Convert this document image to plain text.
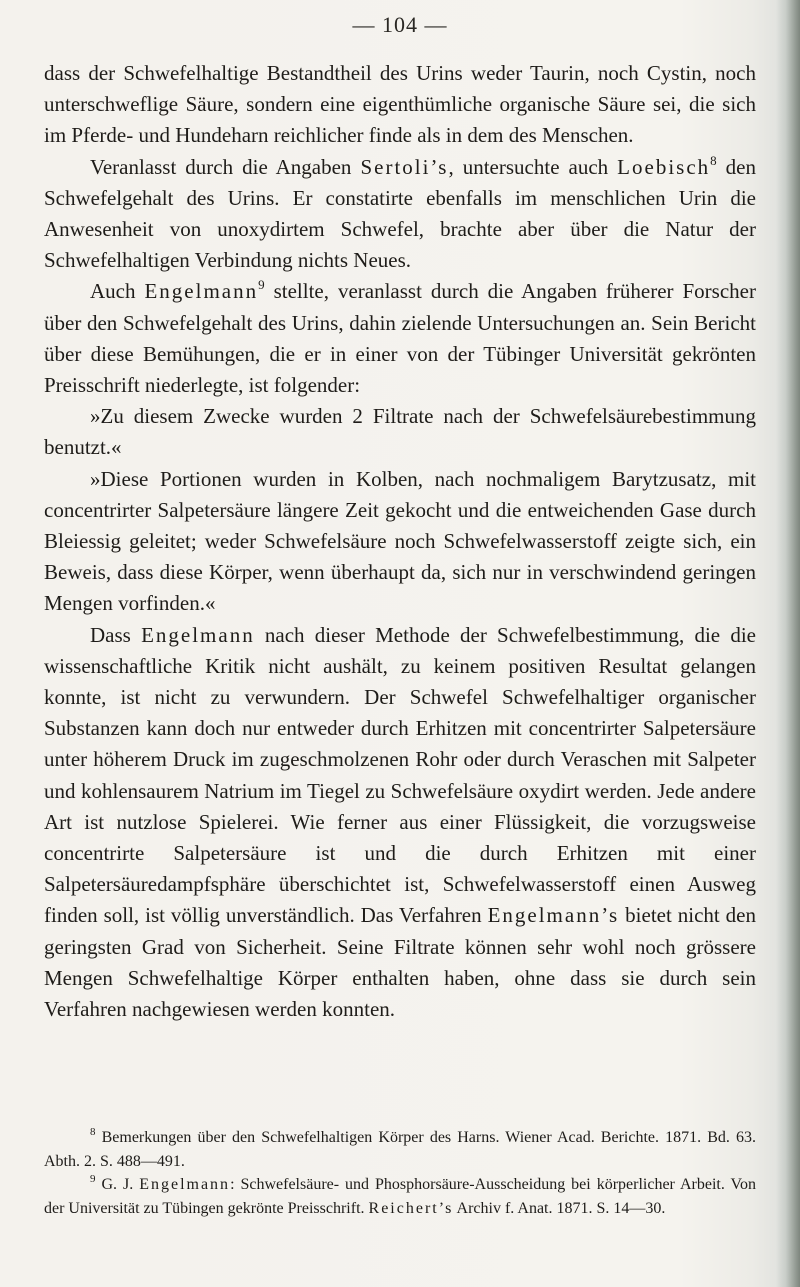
— 104 —

dass der Schwefelhaltige Bestandtheil des Urins weder Taurin, noch Cystin, noch unterschweflige Säure, sondern eine eigenthümliche organische Säure sei, die sich im Pferde- und Hundeharn reichlicher finde als in dem des Menschen.

Veranlasst durch die Angaben Sertoli’s, untersuchte auch Loebisch$^8$ den Schwefelgehalt des Urins. Er constatirte ebenfalls im menschlichen Urin die Anwesenheit von unoxydirtem Schwefel, brachte aber über die Natur der Schwefelhaltigen Verbindung nichts Neues.

Auch Engelmann$^9$ stellte, veranlasst durch die Angaben früherer Forscher über den Schwefelgehalt des Urins, dahin zielende Untersuchungen an. Sein Bericht über diese Bemühungen, die er in einer von der Tübinger Universität gekrönten Preisschrift niederlegte, ist folgender:

»Zu diesem Zwecke wurden 2 Filtrate nach der Schwefelsäurebestimmung benutzt.«

»Diese Portionen wurden in Kolben, nach nochmaligem Barytzusatz, mit concentrirter Salpetersäure längere Zeit gekocht und die entweichenden Gase durch Bleiessig geleitet; weder Schwefelsäure noch Schwefelwasserstoff zeigte sich, ein Beweis, dass diese Körper, wenn überhaupt da, sich nur in verschwindend geringen Mengen vorfinden.«

Dass Engelmann nach dieser Methode der Schwefelbestimmung, die die wissenschaftliche Kritik nicht aushält, zu keinem positiven Resultat gelangen konnte, ist nicht zu verwundern. Der Schwefel Schwefelhaltiger organischer Substanzen kann doch nur entweder durch Erhitzen mit concentrirter Salpetersäure unter höherem Druck im zugeschmolzenen Rohr oder durch Veraschen mit Salpeter und kohlensaurem Natrium im Tiegel zu Schwefelsäure oxydirt werden. Jede andere Art ist nutzlose Spielerei. Wie ferner aus einer Flüssigkeit, die vorzugsweise concentrirte Salpetersäure ist und die durch Erhitzen mit einer Salpetersäuredampfsphäre überschichtet ist, Schwefelwasserstoff einen Ausweg finden soll, ist völlig unverständlich. Das Verfahren Engelmann’s bietet nicht den geringsten Grad von Sicherheit. Seine Filtrate können sehr wohl noch grössere Mengen Schwefelhaltige Körper enthalten haben, ohne dass sie durch sein Verfahren nachgewiesen werden konnten.

$^8$ Bemerkungen über den Schwefelhaltigen Körper des Harns. Wiener Acad. Berichte. 1871. Bd. 63. Abth. 2. S. 488—491.

$^9$ G. J. Engelmann: Schwefelsäure- und Phosphorsäure-Ausscheidung bei körperlicher Arbeit. Von der Universität zu Tübingen gekrönte Preisschrift. Reichert’s Archiv f. Anat. 1871. S. 14—30.
